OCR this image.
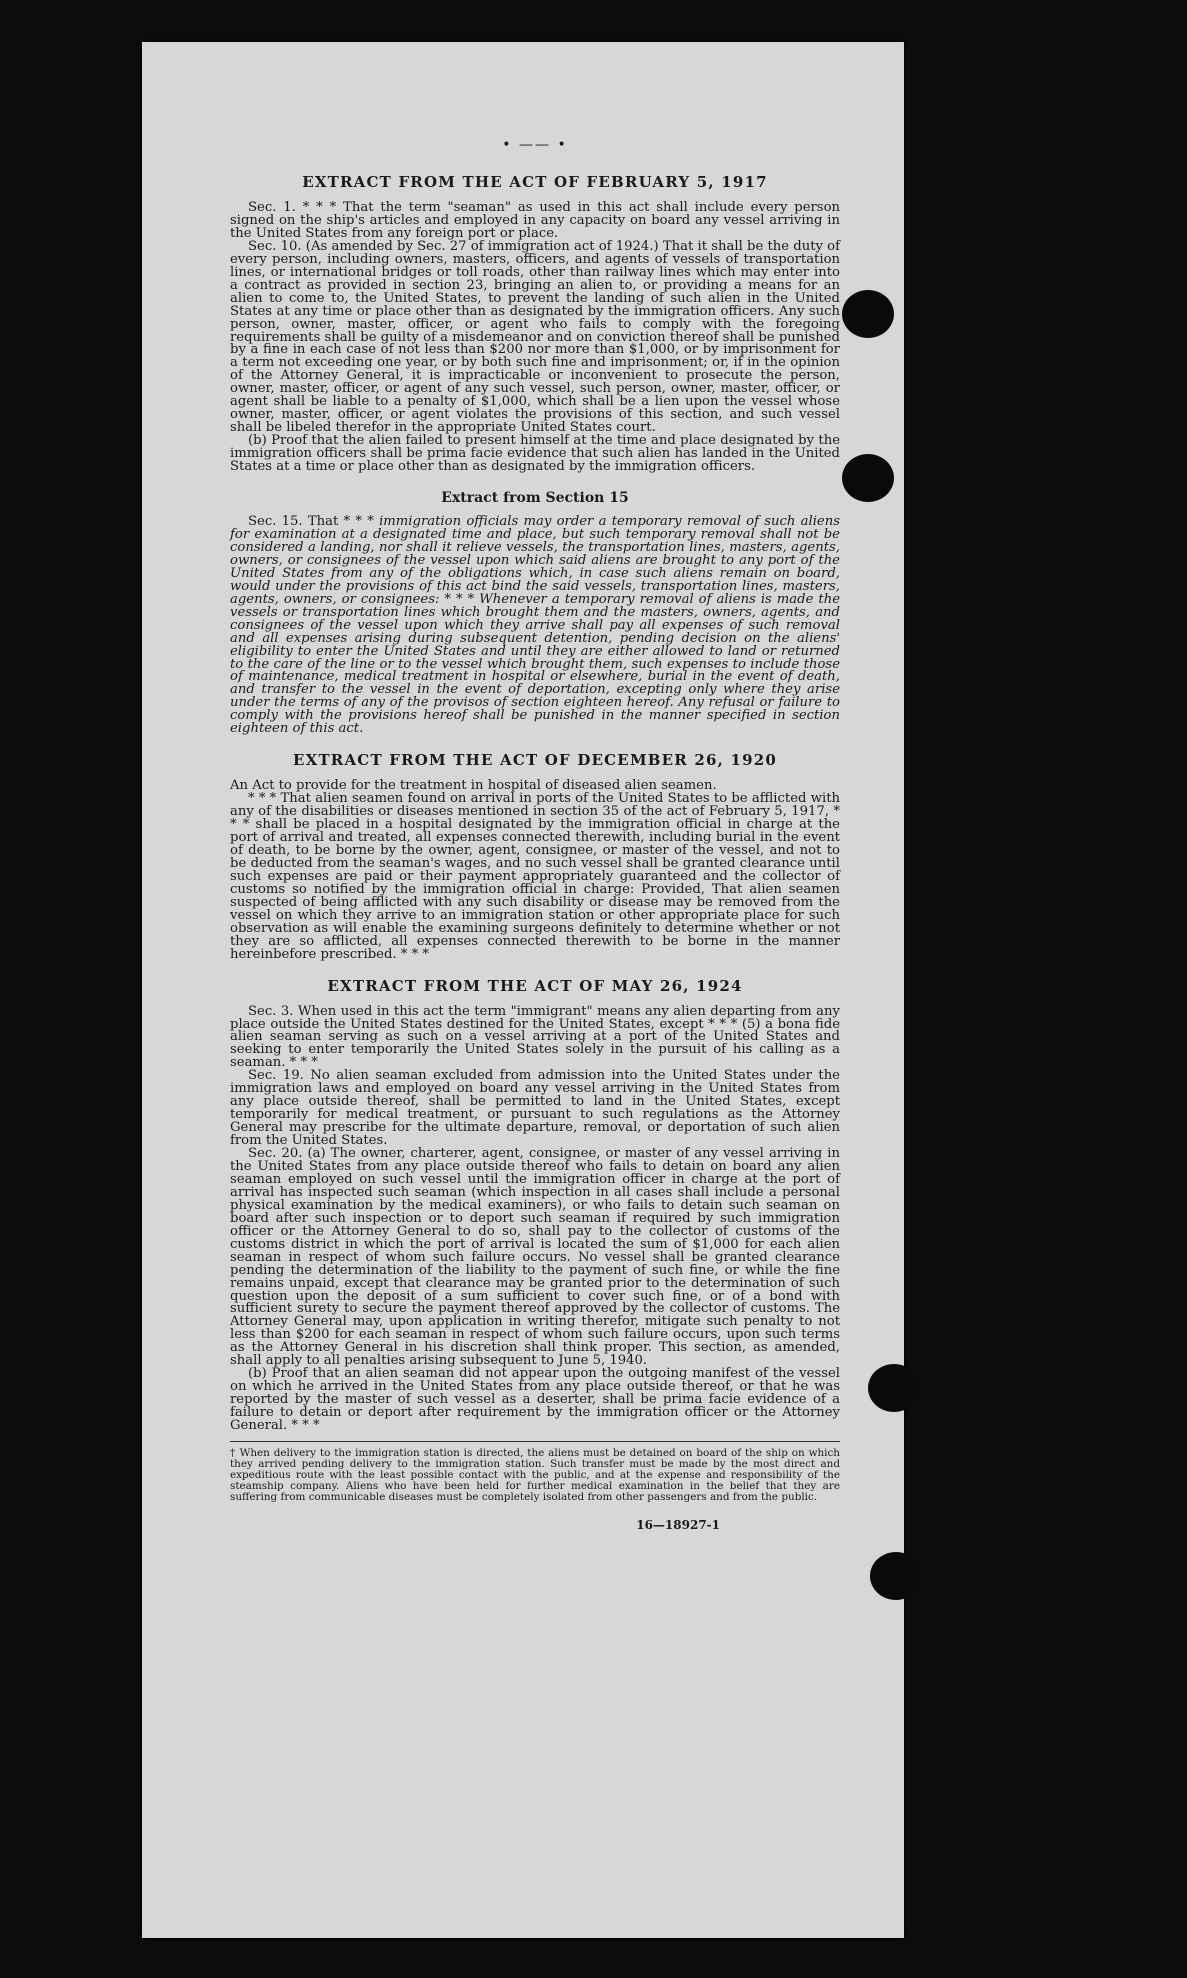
• —— •
EXTRACT FROM THE ACT OF FEBRUARY 5, 1917

Sec. 1. * * * That the term "seaman" as used in this act shall include every person signed on the ship's articles and employed in any capacity on board any vessel arriving in the United States from any foreign port or place.

Sec. 10. (As amended by Sec. 27 of immigration act of 1924.) That it shall be the duty of every person, including owners, masters, officers, and agents of vessels of transportation lines, or international bridges or toll roads, other than railway lines which may enter into a contract as provided in section 23, bringing an alien to, or providing a means for an alien to come to, the United States, to prevent the landing of such alien in the United States at any time or place other than as designated by the immigration officers. Any such person, owner, master, officer, or agent who fails to comply with the foregoing requirements shall be guilty of a misdemeanor and on conviction thereof shall be punished by a fine in each case of not less than $200 nor more than $1,000, or by imprisonment for a term not exceeding one year, or by both such fine and imprisonment; or, if in the opinion of the Attorney General, it is impracticable or inconvenient to prosecute the person, owner, master, officer, or agent of any such vessel, such person, owner, master, officer, or agent shall be liable to a penalty of $1,000, which shall be a lien upon the vessel whose owner, master, officer, or agent violates the provisions of this section, and such vessel shall be libeled therefor in the appropriate United States court.

(b) Proof that the alien failed to present himself at the time and place designated by the immigration officers shall be prima facie evidence that such alien has landed in the United States at a time or place other than as designated by the immigration officers.

Extract from Section 15

Sec. 15. That * * * immigration officials may order a temporary removal of such aliens for examination at a designated time and place, but such temporary removal shall not be considered a landing, nor shall it relieve vessels, the transportation lines, masters, agents, owners, or consignees of the vessel upon which said aliens are brought to any port of the United States from any of the obligations which, in case such aliens remain on board, would under the provisions of this act bind the said vessels, transportation lines, masters, agents, owners, or consignees: * * * Whenever a temporary removal of aliens is made the vessels or transportation lines which brought them and the masters, owners, agents, and consignees of the vessel upon which they arrive shall pay all expenses of such removal and all expenses arising during subsequent detention, pending decision on the aliens' eligibility to enter the United States and until they are either allowed to land or returned to the care of the line or to the vessel which brought them, such expenses to include those of maintenance, medical treatment in hospital or elsewhere, burial in the event of death, and transfer to the vessel in the event of deportation, excepting only where they arise under the terms of any of the provisos of section eighteen hereof. Any refusal or failure to comply with the provisions hereof shall be punished in the manner specified in section eighteen of this act.

EXTRACT FROM THE ACT OF DECEMBER 26, 1920

An Act to provide for the treatment in hospital of diseased alien seamen.

* * * That alien seamen found on arrival in ports of the United States to be afflicted with any of the disabilities or diseases mentioned in section 35 of the act of February 5, 1917, * * * shall be placed in a hospital designated by the immigration official in charge at the port of arrival and treated, all expenses connected therewith, including burial in the event of death, to be borne by the owner, agent, consignee, or master of the vessel, and not to be deducted from the seaman's wages, and no such vessel shall be granted clearance until such expenses are paid or their payment appropriately guaranteed and the collector of customs so notified by the immigration official in charge: Provided, That alien seamen suspected of being afflicted with any such disability or disease may be removed from the vessel on which they arrive to an immigration station or other appropriate place for such observation as will enable the examining surgeons definitely to determine whether or not they are so afflicted, all expenses connected therewith to be borne in the manner hereinbefore prescribed. * * *

EXTRACT FROM THE ACT OF MAY 26, 1924

Sec. 3. When used in this act the term "immigrant" means any alien departing from any place outside the United States destined for the United States, except * * * (5) a bona fide alien seaman serving as such on a vessel arriving at a port of the United States and seeking to enter temporarily the United States solely in the pursuit of his calling as a seaman. * * *

Sec. 19. No alien seaman excluded from admission into the United States under the immigration laws and employed on board any vessel arriving in the United States from any place outside thereof, shall be permitted to land in the United States, except temporarily for medical treatment, or pursuant to such regulations as the Attorney General may prescribe for the ultimate departure, removal, or deportation of such alien from the United States.

Sec. 20. (a) The owner, charterer, agent, consignee, or master of any vessel arriving in the United States from any place outside thereof who fails to detain on board any alien seaman employed on such vessel until the immigration officer in charge at the port of arrival has inspected such seaman (which inspection in all cases shall include a personal physical examination by the medical examiners), or who fails to detain such seaman on board after such inspection or to deport such seaman if required by such immigration officer or the Attorney General to do so, shall pay to the collector of customs of the customs district in which the port of arrival is located the sum of $1,000 for each alien seaman in respect of whom such failure occurs. No vessel shall be granted clearance pending the determination of the liability to the payment of such fine, or while the fine remains unpaid, except that clearance may be granted prior to the determination of such question upon the deposit of a sum sufficient to cover such fine, or of a bond with sufficient surety to secure the payment thereof approved by the collector of customs. The Attorney General may, upon application in writing therefor, mitigate such penalty to not less than $200 for each seaman in respect of whom such failure occurs, upon such terms as the Attorney General in his discretion shall think proper. This section, as amended, shall apply to all penalties arising subsequent to June 5, 1940.

(b) Proof that an alien seaman did not appear upon the outgoing manifest of the vessel on which he arrived in the United States from any place outside thereof, or that he was reported by the master of such vessel as a deserter, shall be prima facie evidence of a failure to detain or deport after requirement by the immigration officer or the Attorney General. * * *

† When delivery to the immigration station is directed, the aliens must be detained on board of the ship on which they arrived pending delivery to the immigration station. Such transfer must be made by the most direct and expeditious route with the least possible contact with the public, and at the expense and responsibility of the steamship company. Aliens who have been held for further medical examination in the belief that they are suffering from communicable diseases must be completely isolated from other passengers and from the public.
16—18927-1
